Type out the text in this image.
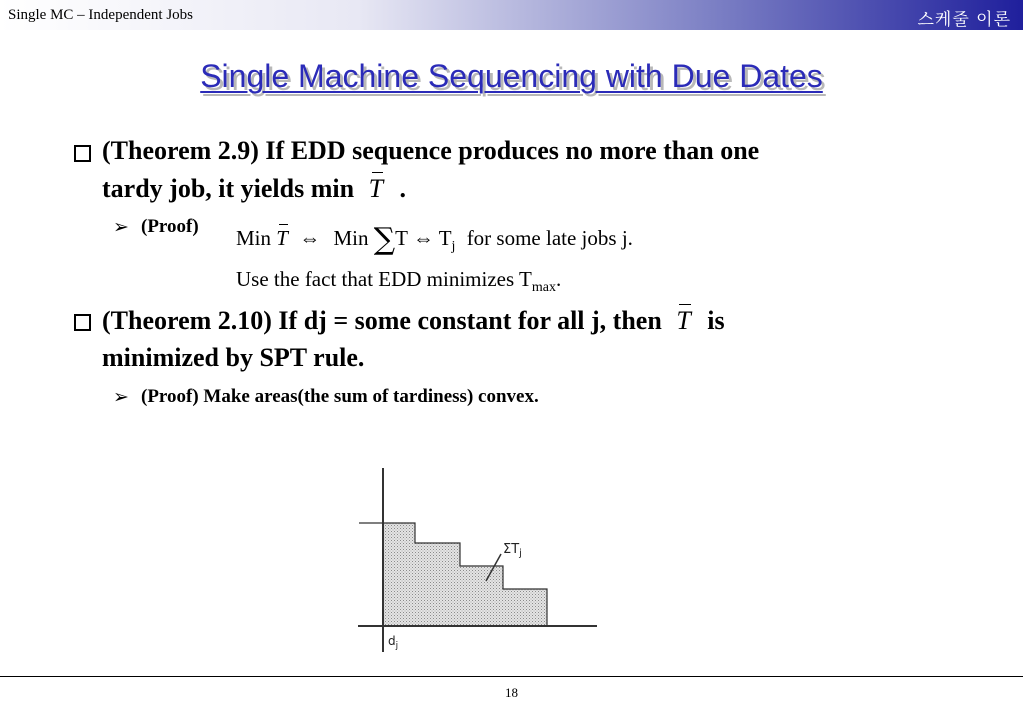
Single MC – Independent Jobs	스케줄 이론
Single Machine Sequencing with Due Dates
(Theorem 2.9) If EDD sequence produces no more than one
tardy job, it yields min T .
➢ (Proof) Min T ⇔ Min ∑T ⇔ $T_j$ for some late jobs j.
Use the fact that EDD minimizes $T_{max}$.
(Theorem 2.10) If dj = some constant for all j, then T is
minimized by SPT rule.
➢ (Proof) Make areas(the sum of tardiness) convex.
$\Sigma T_j$
$d_j$
18
